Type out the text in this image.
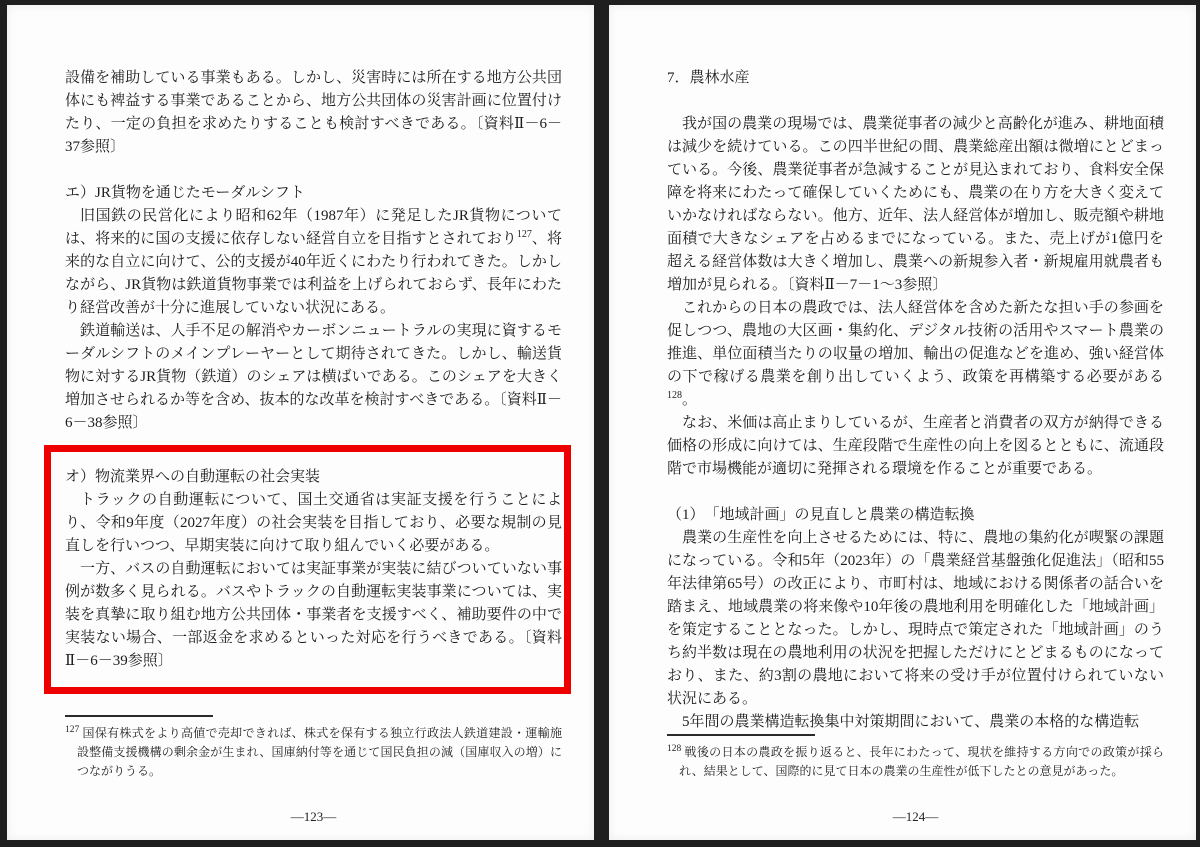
設備を補助している事業もある。しかし、災害時には所在する地方公共団体にも裨益する事業であることから、地方公共団体の災害計画に位置付けたり、一定の負担を求めたりすることも検討すべきである。〔資料Ⅱ－6－37参照〕

エ）JR貨物を通じたモーダルシフト

旧国鉄の民営化により昭和62年（1987年）に発足したJR貨物については、将来的に国の支援に依存しない経営自立を目指すとされており$^{127}$、将来的な自立に向けて、公的支援が40年近くにわたり行われてきた。しかしながら、JR貨物は鉄道貨物事業では利益を上げられておらず、長年にわたり経営改善が十分に進展していない状況にある。

鉄道輸送は、人手不足の解消やカーボンニュートラルの実現に資するモーダルシフトのメインプレーヤーとして期待されてきた。しかし、輸送貨物に対するJR貨物（鉄道）のシェアは横ばいである。このシェアを大きく増加させられるか等を含め、抜本的な改革を検討すべきである。〔資料Ⅱ－6－38参照〕

オ）物流業界への自動運転の社会実装

トラックの自動運転について、国土交通省は実証支援を行うことにより、令和9年度（2027年度）の社会実装を目指しており、必要な規制の見直しを行いつつ、早期実装に向けて取り組んでいく必要がある。

一方、バスの自動運転においては実証事業が実装に結びついていない事例が数多く見られる。バスやトラックの自動運転実装事業については、実装を真摯に取り組む地方公共団体・事業者を支援すべく、補助要件の中で実装ない場合、一部返金を求めるといった対応を行うべきである。〔資料Ⅱ－6－39参照〕

$^{127}$ 国保有株式をより高値で売却できれば、株式を保有する独立行政法人鉄道建設・運輸施設整備支援機構の剰余金が生まれ、国庫納付等を通じて国民負担の減（国庫収入の増）につながりうる。
—123—

7．農林水産

我が国の農業の現場では、農業従事者の減少と高齢化が進み、耕地面積は減少を続けている。この四半世紀の間、農業総産出額は微増にとどまっている。今後、農業従事者が急減することが見込まれており、食料安全保障を将来にわたって確保していくためにも、農業の在り方を大きく変えていかなければならない。他方、近年、法人経営体が増加し、販売額や耕地面積で大きなシェアを占めるまでになっている。また、売上げが1億円を超える経営体数は大きく増加し、農業への新規参入者・新規雇用就農者も増加が見られる。〔資料Ⅱ－7－1～3参照〕

これからの日本の農政では、法人経営体を含めた新たな担い手の参画を促しつつ、農地の大区画・集約化、デジタル技術の活用やスマート農業の推進、単位面積当たりの収量の増加、輸出の促進などを進め、強い経営体の下で稼げる農業を創り出していくよう、政策を再構築する必要がある$^{128}$。

なお、米価は高止まりしているが、生産者と消費者の双方が納得できる価格の形成に向けては、生産段階で生産性の向上を図るとともに、流通段階で市場機能が適切に発揮される環境を作ることが重要である。

（1）　「地域計画」の見直しと農業の構造転換

農業の生産性を向上させるためには、特に、農地の集約化が喫緊の課題になっている。令和5年（2023年）の「農業経営基盤強化促進法」（昭和55年法律第65号）の改正により、市町村は、地域における関係者の話合いを踏まえ、地域農業の将来像や10年後の農地利用を明確化した「地域計画」を策定することとなった。しかし、現時点で策定された「地域計画」のうち約半数は現在の農地利用の状況を把握しただけにとどまるものになっており、また、約3割の農地において将来の受け手が位置付けられていない状況にある。

5年間の農業構造転換集中対策期間において、農業の本格的な構造転

$^{128}$ 戦後の日本の農政を振り返ると、長年にわたって、現状を維持する方向での政策が採られ、結果として、国際的に見て日本の農業の生産性が低下したとの意見があった。
—124—
